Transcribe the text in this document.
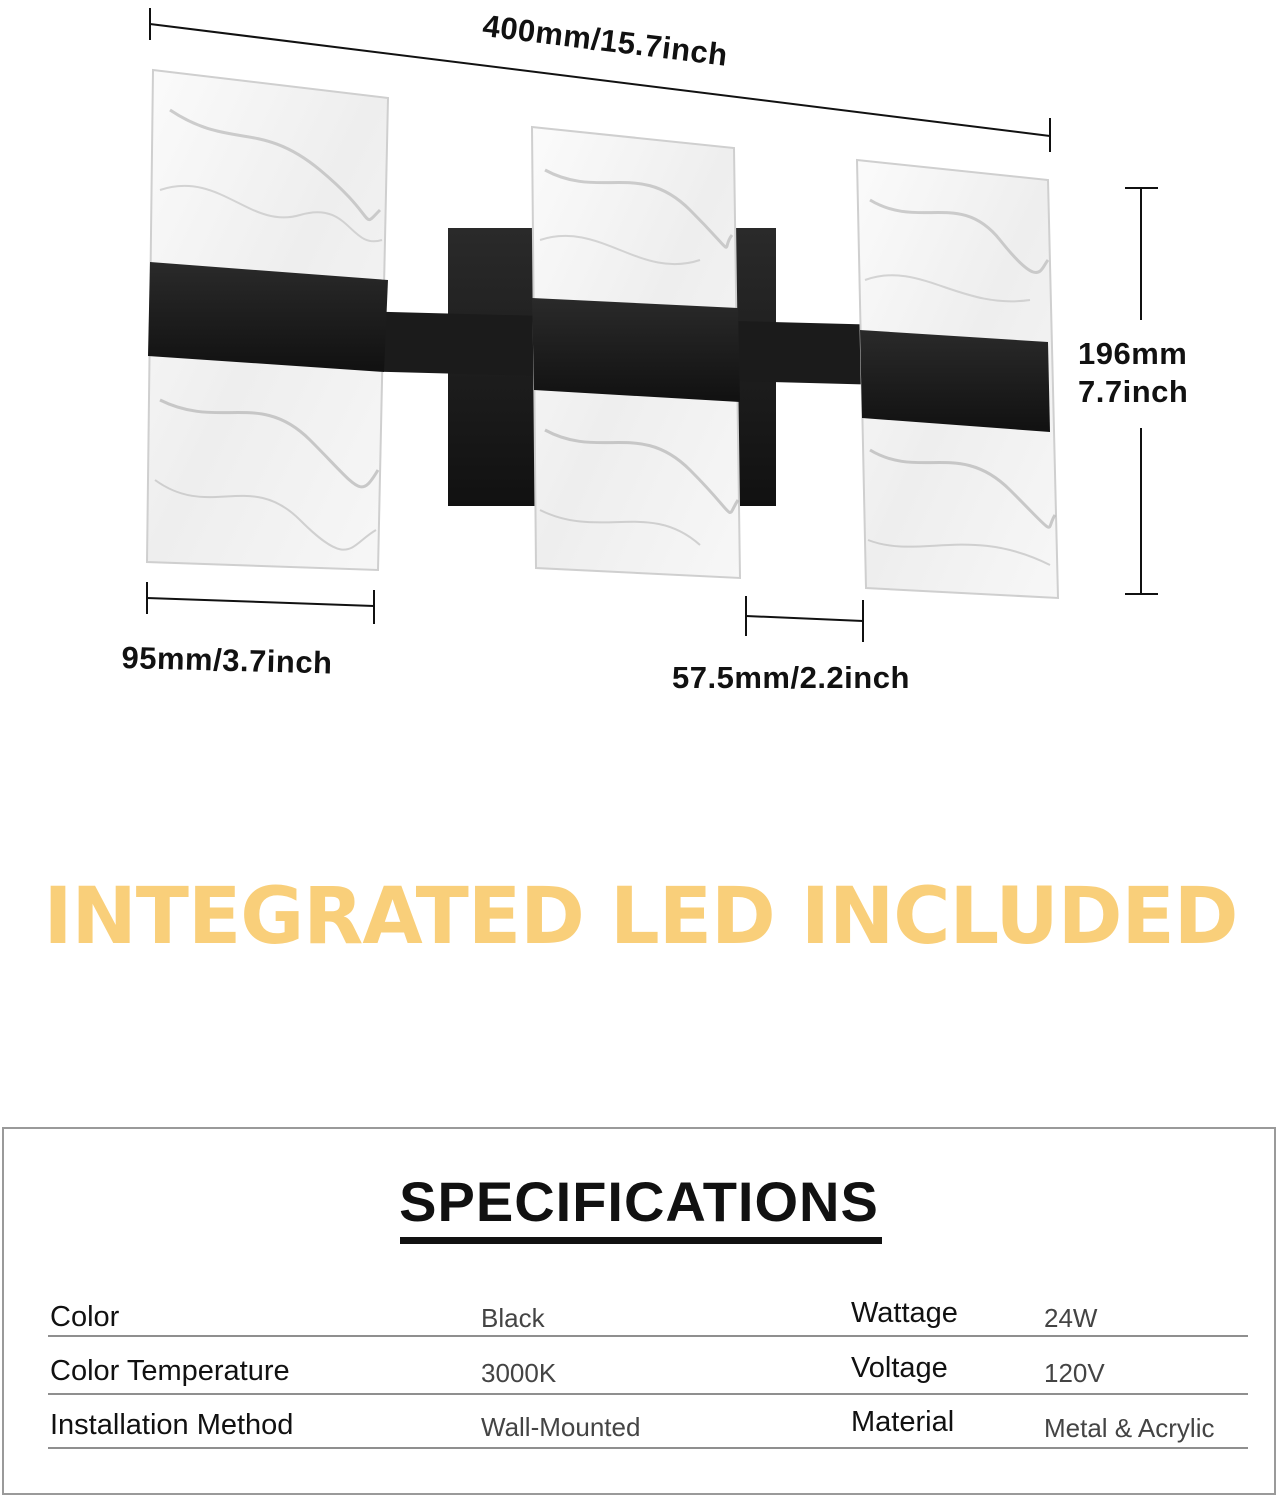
400mm/15.7inch
196mm
7.7inch
95mm/3.7inch	57.5mm/2.2inch
INTEGRATED LED INCLUDED
SPECIFICATIONS
Color	Black	Wattage	24W
Color Temperature	3000K	Voltage	120V
Installation Method	Wall-Mounted	Material	Metal & Acrylic
